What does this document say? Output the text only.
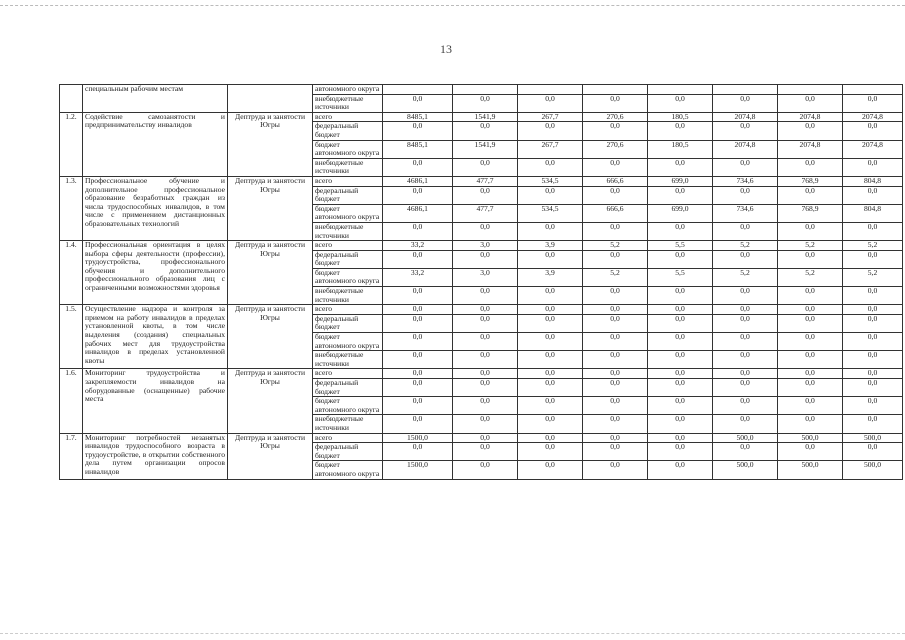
13
	специальным рабочим местам		автономного округа								
			внебюджетные источники	0,0	0,0	0,0	0,0	0,0	0,0	0,0	0,0
1.2.	Содействие самозанятости и предпринимательству инвалидов	Дептруда и занятости Югры	всего	8485,1	1541,9	267,7	270,6	180,5	2074,8	2074,8	2074,8
			федеральный бюджет	0,0	0,0	0,0	0,0	0,0	0,0	0,0	0,0
			бюджет автономного округа	8485,1	1541,9	267,7	270,6	180,5	2074,8	2074,8	2074,8
			внебюджетные источники	0,0	0,0	0,0	0,0	0,0	0,0	0,0	0,0
1.3.	Профессиональное обучение и дополнительное профессиональное образование безработных граждан из числа трудоспособных инвалидов, в том числе с применением дистанционных образовательных технологий	Дептруда и занятости Югры	всего	4686,1	477,7	534,5	666,6	699,0	734,6	768,9	804,8
			федеральный бюджет	0,0	0,0	0,0	0,0	0,0	0,0	0,0	0,0
			бюджет автономного округа	4686,1	477,7	534,5	666,6	699,0	734,6	768,9	804,8
			внебюджетные источники	0,0	0,0	0,0	0,0	0,0	0,0	0,0	0,0
1.4.	Профессиональная ориентация в целях выбора сферы деятельности (профессии), трудоустройства, профессионального обучения и дополнительного профессионального образования лиц с ограниченными возможностями здоровья	Дептруда и занятости Югры	всего	33,2	3,0	3,9	5,2	5,5	5,2	5,2	5,2
			федеральный бюджет	0,0	0,0	0,0	0,0	0,0	0,0	0,0	0,0
			бюджет автономного округа	33,2	3,0	3,9	5,2	5,5	5,2	5,2	5,2
			внебюджетные источники	0,0	0,0	0,0	0,0	0,0	0,0	0,0	0,0
1.5.	Осуществление надзора и контроля за приемом на работу инвалидов в пределах установленной квоты, в том числе выделения (создания) специальных рабочих мест для трудоустройства инвалидов в пределах установленной квоты	Дептруда и занятости Югры	всего	0,0	0,0	0,0	0,0	0,0	0,0	0,0	0,0
			федеральный бюджет	0,0	0,0	0,0	0,0	0,0	0,0	0,0	0,0
			бюджет автономного округа	0,0	0,0	0,0	0,0	0,0	0,0	0,0	0,0
			внебюджетные источники	0,0	0,0	0,0	0,0	0,0	0,0	0,0	0,0
1.6.	Мониторинг трудоустройства и закрепляемости инвалидов на оборудованные (оснащенные) рабочие места	Дептруда и занятости Югры	всего	0,0	0,0	0,0	0,0	0,0	0,0	0,0	0,0
			федеральный бюджет	0,0	0,0	0,0	0,0	0,0	0,0	0,0	0,0
			бюджет автономного округа	0,0	0,0	0,0	0,0	0,0	0,0	0,0	0,0
			внебюджетные источники	0,0	0,0	0,0	0,0	0,0	0,0	0,0	0,0
1.7.	Мониторинг потребностей незанятых инвалидов трудоспособного возраста в трудоустройстве, в открытии собственного дела путем организации опросов инвалидов	Дептруда и занятости Югры	всего	1500,0	0,0	0,0	0,0	0,0	500,0	500,0	500,0
			федеральный бюджет	0,0	0,0	0,0	0,0	0,0	0,0	0,0	0,0
			бюджет автономного округа	1500,0	0,0	0,0	0,0	0,0	500,0	500,0	500,0
